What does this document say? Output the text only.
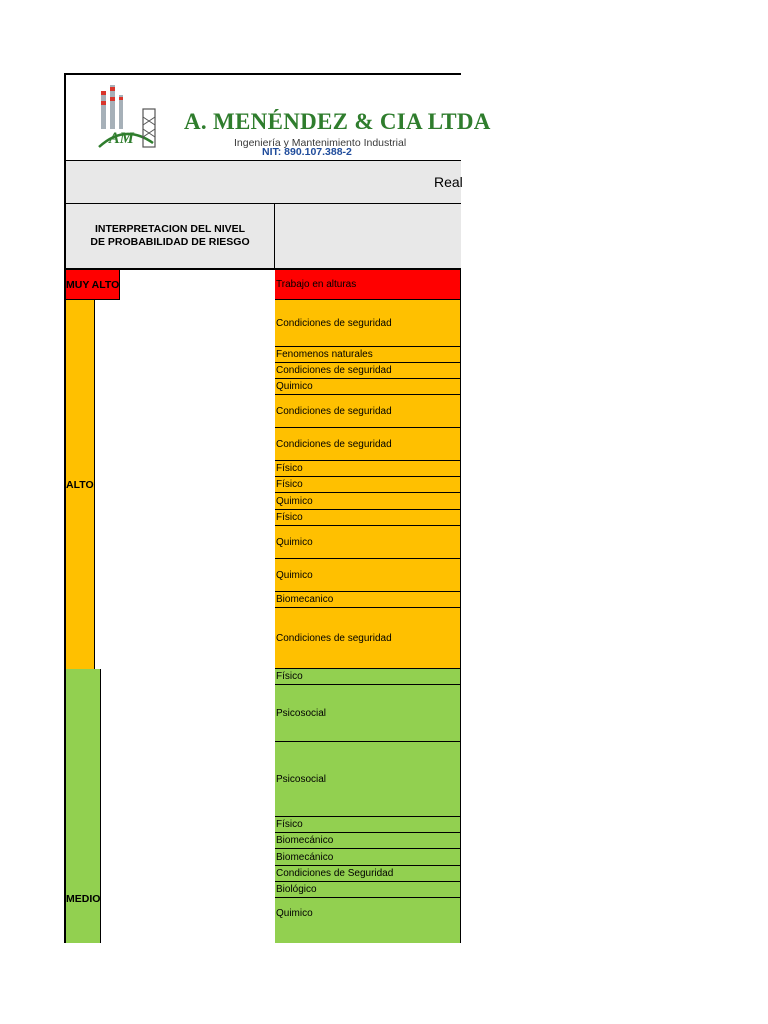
AM
A. MENÉNDEZ & CIA LTDA
Ingeniería y Mantenimiento Industrial
NIT: 890.107.388-2
Real
INTERPRETACION DEL NIVEL DE PROBABILIDAD DE RIESGO
MUY ALTO	Trabajo en alturas
ALTO
Condiciones de seguridad
Fenomenos naturales
Condiciones de seguridad
Quimico
Condiciones de seguridad
Condiciones de seguridad
Físico
Físico
Quimico
Físico
Quimico
Quimico
Biomecanico
Condiciones de seguridad
MEDIO
Físico
Psicosocial
Psicosocial
Físico
Biomecánico
Biomecánico
Condiciones de Seguridad
Biológico
Quimico
